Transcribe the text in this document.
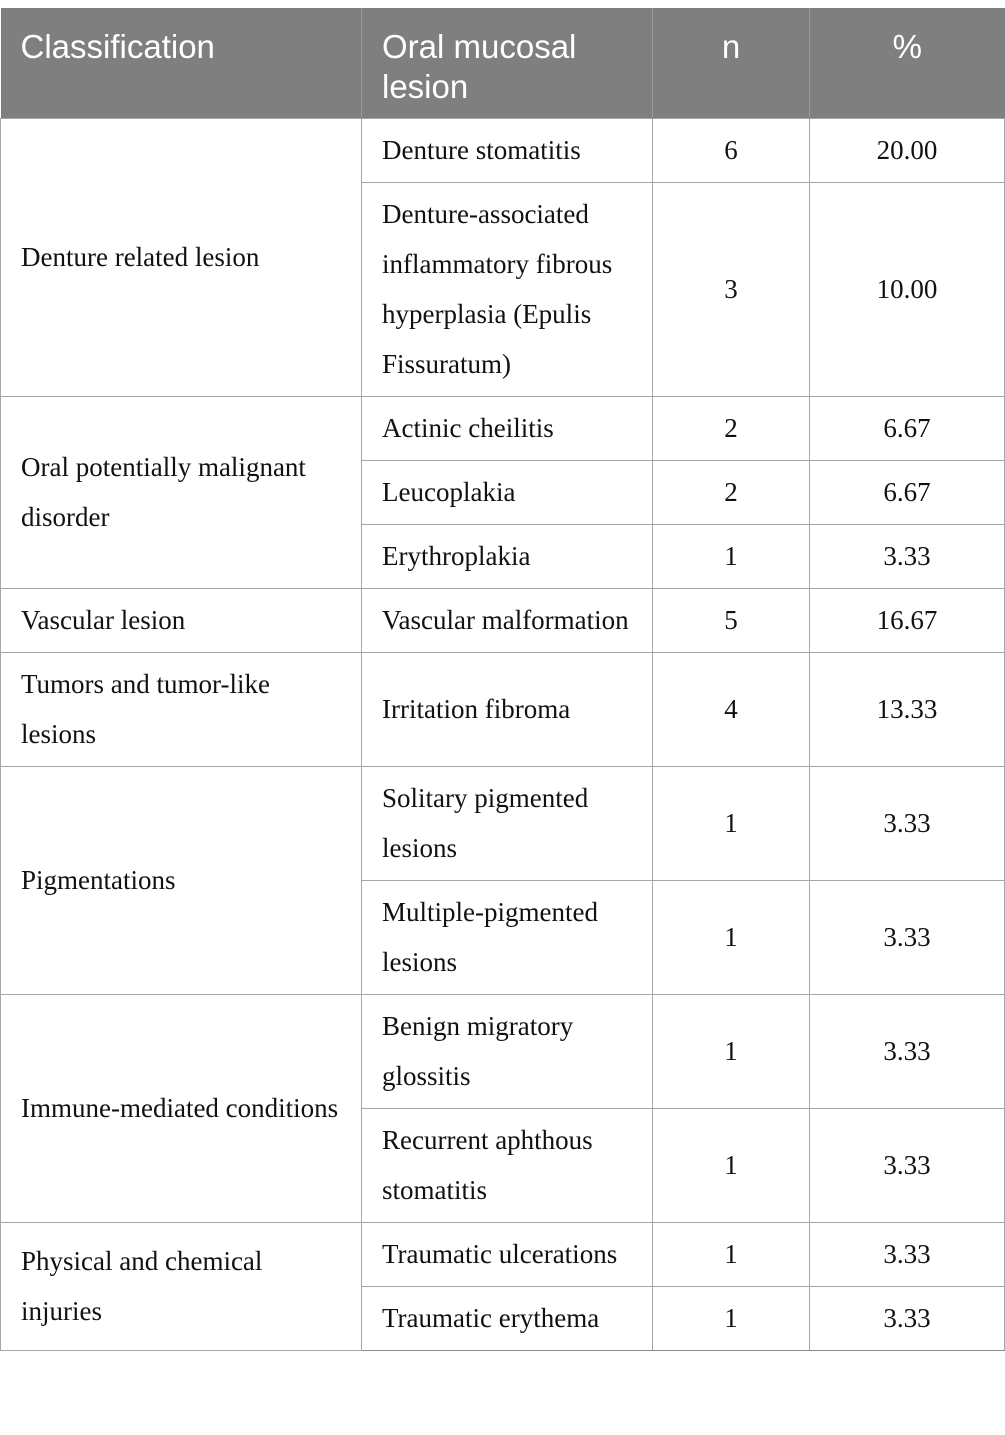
Classification	Oral mucosal lesion	n	%
Denture related lesion	Denture stomatitis	6	20.00
	Denture-associated inflammatory fibrous hyperplasia (Epulis Fissuratum)	3	10.00
Oral potentially malignant disorder	Actinic cheilitis	2	6.67
	Leucoplakia	2	6.67
	Erythroplakia	1	3.33
Vascular lesion	Vascular malformation	5	16.67
Tumors and tumor-like lesions	Irritation fibroma	4	13.33
Pigmentations	Solitary pigmented lesions	1	3.33
	Multiple-pigmented lesions	1	3.33
Immune-mediated conditions	Benign migratory glossitis	1	3.33
	Recurrent aphthous stomatitis	1	3.33
Physical and chemical injuries	Traumatic ulcerations	1	3.33
	Traumatic erythema	1	3.33
